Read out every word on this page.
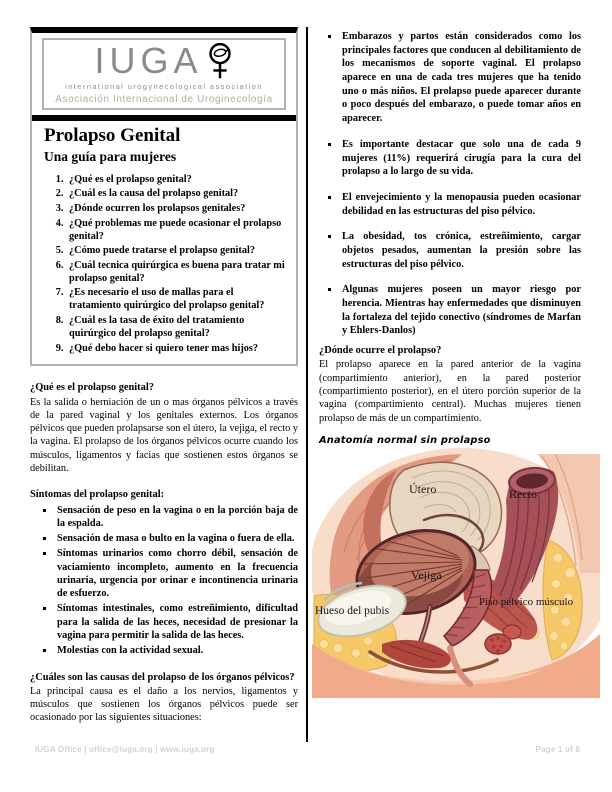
IUGA
international urogynecological association
Asociación Internacional de Uroginecología
Prolapso Genital
Una guía para mujeres
1. ¿Qué es el prolapso genital?
2. ¿Cuál es la causa del prolapso genital?
3. ¿Dónde ocurren los prolapsos genitales?
4. ¿Qué problemas me puede ocasionar el prolapso genital?
5. ¿Cómo puede tratarse el prolapso genital?
6. ¿Cuál tecnica quirúrgica es buena para tratar mi prolapso genital?
7. ¿Es necesario el uso de mallas para el tratamiento quirúrgico del prolapso genital?
8. ¿Cuál es la tasa de éxito del tratamiento quirúrgico del prolapso genital?
9. ¿Qué debo hacer si quiero tener mas hijos?
¿Qué es el prolapso genital?

Es la salida o herniación de un o mas órganos pélvicos a través de la pared vaginal y los genitales externos. Los órganos pélvicos que pueden prolapsarse son el útero, la vejiga, el recto y la vagina. El prolapso de los órganos pélvicos ocurre cuando los músculos, ligamentos y facias que sostienen estos órganos se debilitan.

Síntomas del prolapso genital:
▪ Sensación de peso en la vagina o en la porción baja de la espalda.
▪ Sensación de masa o bulto en la vagina o fuera de ella.
▪ Síntomas urinarios como chorro débil, sensación de vaciamiento incompleto, aumento en la frecuencia urinaria, urgencia por orinar e incontinencia urinaria de esfuerzo.
▪ Síntomas intestinales, como estreñimiento, dificultad para la salida de las heces, necesidad de presionar la vagina para permitir la salida de las heces.
▪ Molestias con la actividad sexual.
¿Cuáles son las causas del prolapso de los órganos pélvicos?

La principal causa es el daño a los nervios, ligamentos y músculos que sostienen los órganos pélvicos puede ser ocasionado por las siguientes situaciones:

▪ Embarazos y partos están considerados como los principales factores que conducen al debilitamiento de los mecanismos de soporte vaginal. El prolapso aparece en una de cada tres mujeres que ha tenido uno o más niños. El prolapso puede aparecer durante o poco después del embarazo, o puede tomar años en aparecer.
▪ Es importante destacar que solo una de cada 9 mujeres (11%) requerirá cirugía para la cura del prolapso a lo largo de su vida.
▪ El envejecimiento y la menopausia pueden ocasionar debilidad en las estructuras del piso pélvico.
▪ La obesidad, tos crónica, estreñimiento, cargar objetos pesados, aumentan la presión sobre las estructuras del piso pélvico.
▪ Algunas mujeres poseen un mayor riesgo por herencia. Mientras hay enfermedades que disminuyen la fortaleza del tejido conectivo (síndromes de Marfan y Ehlers-Danlos)
¿Dónde ocurre el prolapso?

El prolapso aparece en la pared anterior de la vagina (compartimiento anterior), en la pared posterior (compartimiento posterior), en el útero porción superior de la vagina (compartimiento central). Muchas mujeres tienen prolapso de más de un compartimiento.

Anatomía normal sin prolapso
Útero	Recto
Vejiga
Hueso del pubis
Piso pélvico músculo
IUGA Office | office@iuga.org | www.iuga.org	Page 1 of 8
